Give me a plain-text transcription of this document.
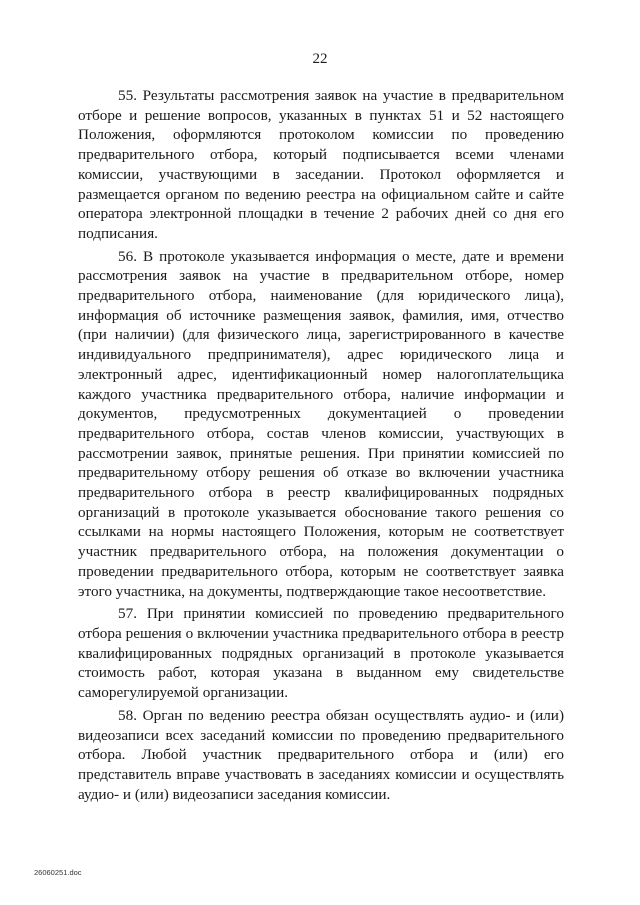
22

55. Результаты рассмотрения заявок на участие в предварительном отборе и решение вопросов, указанных в пунктах 51 и 52 настоящего Положения, оформляются протоколом комиссии по проведению предварительного отбора, который подписывается всеми членами комиссии, участвующими в заседании. Протокол оформляется и размещается органом по ведению реестра на официальном сайте и сайте оператора электронной площадки в течение 2 рабочих дней со дня его подписания.

56. В протоколе указывается информация о месте, дате и времени рассмотрения заявок на участие в предварительном отборе, номер предварительного отбора, наименование (для юридического лица), информация об источнике размещения заявок, фамилия, имя, отчество (при наличии) (для физического лица, зарегистрированного в качестве индивидуального предпринимателя), адрес юридического лица и электронный адрес, идентификационный номер налогоплательщика каждого участника предварительного отбора, наличие информации и документов, предусмотренных документацией о проведении предварительного отбора, состав членов комиссии, участвующих в рассмотрении заявок, принятые решения. При принятии комиссией по предварительному отбору решения об отказе во включении участника предварительного отбора в реестр квалифицированных подрядных организаций в протоколе указывается обоснование такого решения со ссылками на нормы настоящего Положения, которым не соответствует участник предварительного отбора, на положения документации о проведении предварительного отбора, которым не соответствует заявка этого участника, на документы, подтверждающие такое несоответствие.

57. При принятии комиссией по проведению предварительного отбора решения о включении участника предварительного отбора в реестр квалифицированных подрядных организаций в протоколе указывается стоимость работ, которая указана в выданном ему свидетельстве саморегулируемой организации.

58. Орган по ведению реестра обязан осуществлять аудио- и (или) видеозаписи всех заседаний комиссии по проведению предварительного отбора. Любой участник предварительного отбора и (или) его представитель вправе участвовать в заседаниях комиссии и осуществлять аудио- и (или) видеозаписи заседания комиссии.

26060251.doc
